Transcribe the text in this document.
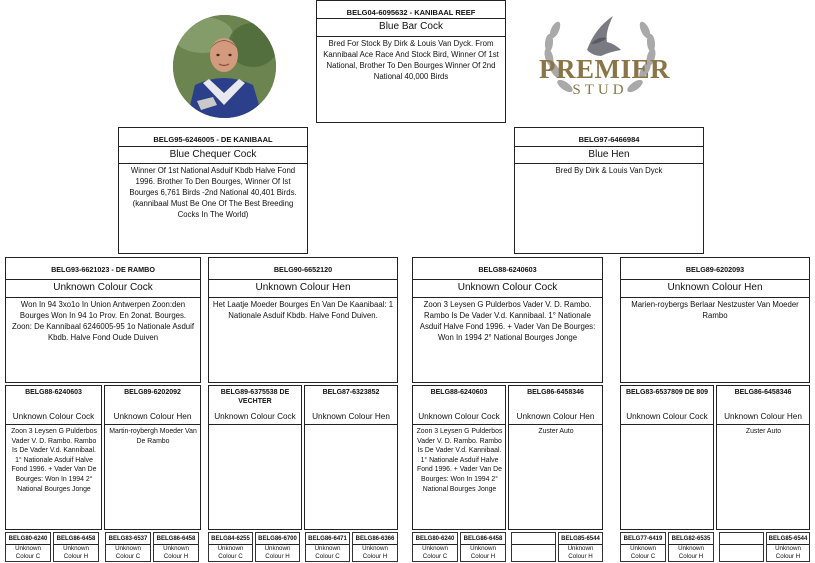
PREMIER
STUD
BELG04-6095632 - KANIBAAL REEF
Blue Bar Cock
Bred For Stock By Dirk & Louis Van Dyck. From Kannibaal Ace Race And Stock Bird, Winner Of 1st National, Brother To Den Bourges Winner Of 2nd National 40,000 Birds
BELG95-6246005 - DE KANIBAAL
Blue Chequer Cock
Winner Of 1st National Asduif Kbdb Halve Fond 1996. Brother To Den Bourges, Winner Of Ist Bourges 6,761 Birds -2nd National 40,401 Birds. (kannibaal Must Be One Of The Best Breeding Cocks In The World)
BELG97-6466984
Blue Hen
Bred By Dirk & Louis Van Dyck
BELG93-6621023 - DE RAMBO
Unknown Colour Cock
Won In 94 3xo1o In Union Antwerpen Zoon:den Bourges Won In 94 1o Prov. En 2onat. Bourges. Zoon: De Kannibaal 6246005-95 1o Nationale Asduif Kbdb. Halve Fond Oude Duiven
BELG90-6652120
Unknown Colour Hen
Het Laatje Moeder Bourges En Van De Kaanibaal: 1 Nationale Asduif Kbdb. Halve Fond Duiven.
BELG88-6240603
Unknown Colour Cock
Zoon 3 Leysen G Pulderbos Vader V. D. Rambo. Rambo Is De Vader V.d. Kannibaal. 1° Nationale Asduif Halve Fond 1996. + Vader Van De Bourges: Won In 1994 2° National Bourges Jonge
BELG89-6202093
Unknown Colour Hen
Marien-roybergs Berlaar Nestzuster Van Moeder Rambo
BELG88-6240603
Unknown Colour Cock
Zoon 3 Leysen G Pulderbos Vader V. D. Rambo. Rambo Is De Vader V.d. Kannibaal. 1° Nationale Asduif Halve Fond 1996. + Vader Van De Bourges: Won In 1994 2° National Bourges Jonge
BELG89-6202092
Unknown Colour Hen
Martin-roybergh Moeder Van De Rambo
BELG89-6375538 DE VECHTER
Unknown Colour Cock
BELG87-6323852
Unknown Colour Hen
BELG88-6240603
Unknown Colour Cock
Zoon 3 Leysen G Pulderbos Vader V. D. Rambo. Rambo Is De Vader V.d. Kannibaal. 1° Nationale Asduif Halve Fond 1996. + Vader Van De Bourges: Won In 1994 2° National Bourges Jonge
BELG86-6458346
Unknown Colour Hen
Zuster Auto
BELG83-6537809 DE 809
Unknown Colour Cock
BELG86-6458346
Unknown Colour Hen
Zuster Auto
BELG80-6240
Unknown Colour C
BELG86-6458
Unknown Colour H
BELG83-6537
Unknown Colour C
BELG86-6458
Unknown Colour H
BELG84-6255
Unknown Colour C
BELG86-6700
Unknown Colour H
BELG86-6471
Unknown Colour C
BELG86-6366
Unknown Colour H
BELG80-6240
Unknown Colour C
BELG86-6458
Unknown Colour H
BELG85-6544
Unknown Colour H
BELG77-6419
Unknown Colour C
BELG82-6535
Unknown Colour H
BELG85-6544
Unknown Colour H
